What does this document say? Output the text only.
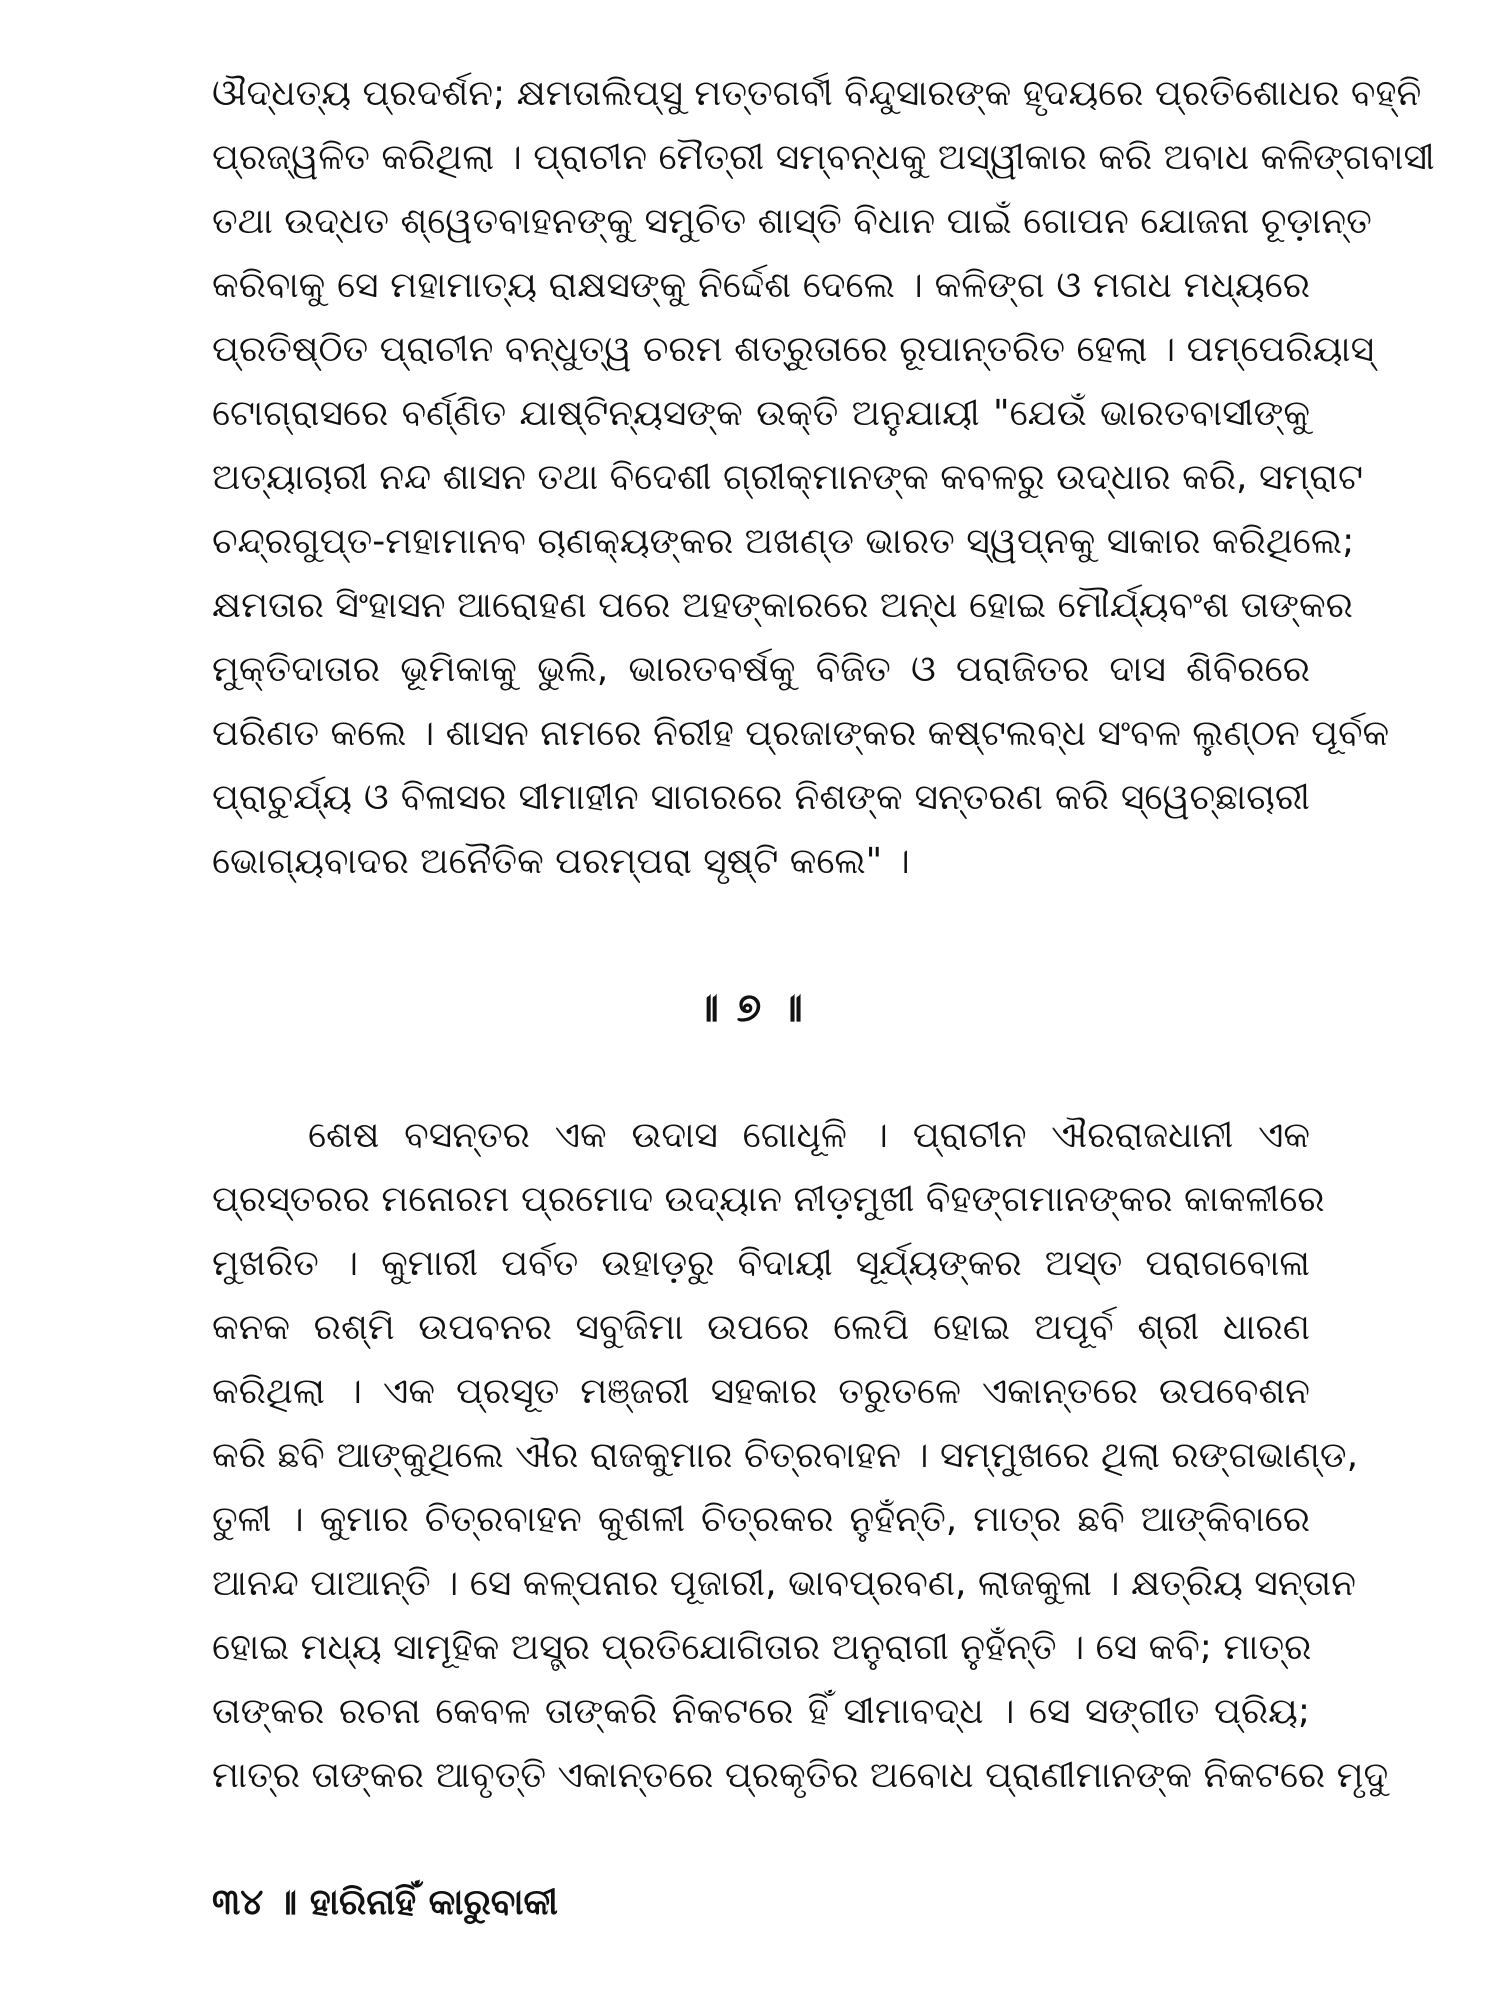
ଔଦ୍ଧତ୍ୟ ପ୍ରଦର୍ଶନ; କ୍ଷମତାଲିପ୍ସୁ ମତ୍ତଗର୍ବୀ ବିନ୍ଦୁସାରଙ୍କ ହୃଦୟରେ ପ୍ରତିଶୋଧର ବହ୍ନି
ପ୍ରଜ୍ୱଳିତ କରିଥିଲା । ପ୍ରାଚୀନ ମୈତ୍ରୀ ସମ୍ବନ୍ଧକୁ ଅସ୍ୱୀକାର କରି ଅବାଧ କଳିଙ୍ଗବାସୀ
ତଥା ଉଦ୍ଧତ ଶ୍ୱେତବାହନଙ୍କୁ ସମୁଚିତ ଶାସ୍ତି ବିଧାନ ପାଇଁ ଗୋପନ ଯୋଜନା ଚୂଡ଼ାନ୍ତ
କରିବାକୁ ସେ ମହାମାତ୍ୟ ରାକ୍ଷସଙ୍କୁ ନିର୍ଦ୍ଦେଶ ଦେଲେ । କଳିଙ୍ଗ ଓ ମଗଧ ମଧ୍ୟରେ
ପ୍ରତିଷ୍ଠିତ ପ୍ରାଚୀନ ବନ୍ଧୁତ୍ୱ ଚରମ ଶତ୍ରୁତାରେ ରୂପାନ୍ତରିତ ହେଲା । ପମ୍ପେରିୟାସ୍
ଟୋଗ୍ରାସରେ ବର୍ଣ୍ଣିତ ଯାଷ୍ଟିନ୍ୟସଙ୍କ ଉକ୍ତି ଅନୁଯାୟୀ "ଯେଉଁ ଭାରତବାସୀଙ୍କୁ
ଅତ୍ୟାଚାରୀ ନନ୍ଦ ଶାସନ ତଥା ବିଦେଶୀ ଗ୍ରୀକ୍‌ମାନଙ୍କ କବଳରୁ ଉଦ୍ଧାର କରି, ସମ୍ରାଟ
ଚନ୍ଦ୍ରଗୁପ୍ତ-ମହାମାନବ ଚାଣକ୍ୟଙ୍କର ଅଖଣ୍ଡ ଭାରତ ସ୍ୱପ୍ନକୁ ସାକାର କରିଥିଲେ;
କ୍ଷମତାର ସିଂହାସନ ଆରୋହଣ ପରେ ଅହଙ୍କାରରେ ଅନ୍ଧ ହୋଇ ମୌର୍ଯ୍ୟବଂଶ ତାଙ୍କର
ମୁକ୍ତିଦାତାର ଭୂମିକାକୁ ଭୁଲି, ଭାରତବର୍ଷକୁ ବିଜିତ ଓ ପରାଜିତର ଦାସ ଶିବିରରେ
ପରିଣତ କଲେ । ଶାସନ ନାମରେ ନିରୀହ ପ୍ରଜାଙ୍କର କଷ୍ଟଲବ୍ଧ ସଂବଳ ଲୁଣ୍ଠନ ପୂର୍ବକ
ପ୍ରାଚୁର୍ଯ୍ୟ ଓ ବିଳାସର ସୀମାହୀନ ସାଗରରେ ନିଶଙ୍କ ସନ୍ତରଣ କରି ସ୍ୱେଚ୍ଛାଚାରୀ
ଭୋଗ୍ୟବାଦର ଅନୈତିକ ପରମ୍ପରା ସୃଷ୍ଟି କଲେ" ।
॥ ୭ ॥
ଶେଷ ବସନ୍ତର ଏକ ଉଦାସ ଗୋଧୂଳି । ପ୍ରାଚୀନ ଐରରାଜଧାନୀ ଏକ
ପ୍ରସ୍ତରର ମନୋରମ ପ୍ରମୋଦ ଉଦ୍ୟାନ ନୀଡ଼ମୁଖୀ ବିହଙ୍ଗମାନଙ୍କର କାକଳୀରେ
ମୁଖରିତ । କୁମାରୀ ପର୍ବତ ଉହାଡ଼ରୁ ବିଦାୟୀ ସୂର୍ଯ୍ୟଙ୍କର ଅସ୍ତ ପରାଗବୋଳା
କନକ ରଶ୍ମି ଉପବନର ସବୁଜିମା ଉପରେ ଲେପି ହୋଇ ଅପୂର୍ବ ଶ୍ରୀ ଧାରଣ
କରିଥିଲା । ଏକ ପ୍ରସୂତ ମଞ୍ଜରୀ ସହକାର ତରୁତଳେ ଏକାନ୍ତରେ ଉପବେଶନ
କରି ଛବି ଆଙ୍କୁଥିଲେ ଐର ରାଜକୁମାର ଚିତ୍ରବାହନ । ସମ୍ମୁଖରେ ଥିଲା ରଙ୍ଗଭାଣ୍ଡ,
ତୁଳୀ । କୁମାର ଚିତ୍ରବାହନ କୁଶଳୀ ଚିତ୍ରକର ନୁହଁନ୍ତି, ମାତ୍ର ଛବି ଆଙ୍କିବାରେ
ଆନନ୍ଦ ପାଆନ୍ତି । ସେ କଳ୍ପନାର ପୂଜାରୀ, ଭାବପ୍ରବଣ, ଲାଜକୁଳା । କ୍ଷତ୍ରିୟ ସନ୍ତାନ
ହୋଇ ମଧ୍ୟ ସାମୂହିକ ଅସ୍ତ୍ର ପ୍ରତିଯୋଗିତାର ଅନୁରାଗୀ ନୁହଁନ୍ତି । ସେ କବି; ମାତ୍ର
ତାଙ୍କର ରଚନା କେବଳ ତାଙ୍କରି ନିକଟରେ ହିଁ ସୀମାବଦ୍ଧ । ସେ ସଙ୍ଗୀତ ପ୍ରିୟ;
ମାତ୍ର ତାଙ୍କର ଆବୃତ୍ତି ଏକାନ୍ତରେ ପ୍ରକୃତିର ଅବୋଧ ପ୍ରାଣୀମାନଙ୍କ ନିକଟରେ ମୃଦୁ
୩୪ ॥ ହାରିନାହିଁ କାରୁବାକୀ
